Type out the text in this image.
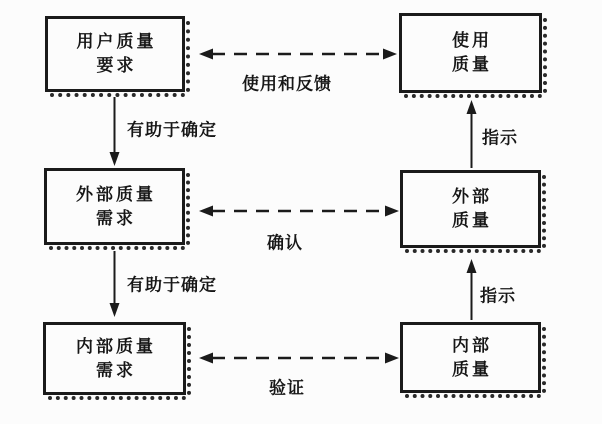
用户质量
要求
外部质量
需求
内部质量
需求
使用
质量
外部
质量
内部
质量
使用和反馈
确认
验证
有助于确定
有助于确定
指示
指示
